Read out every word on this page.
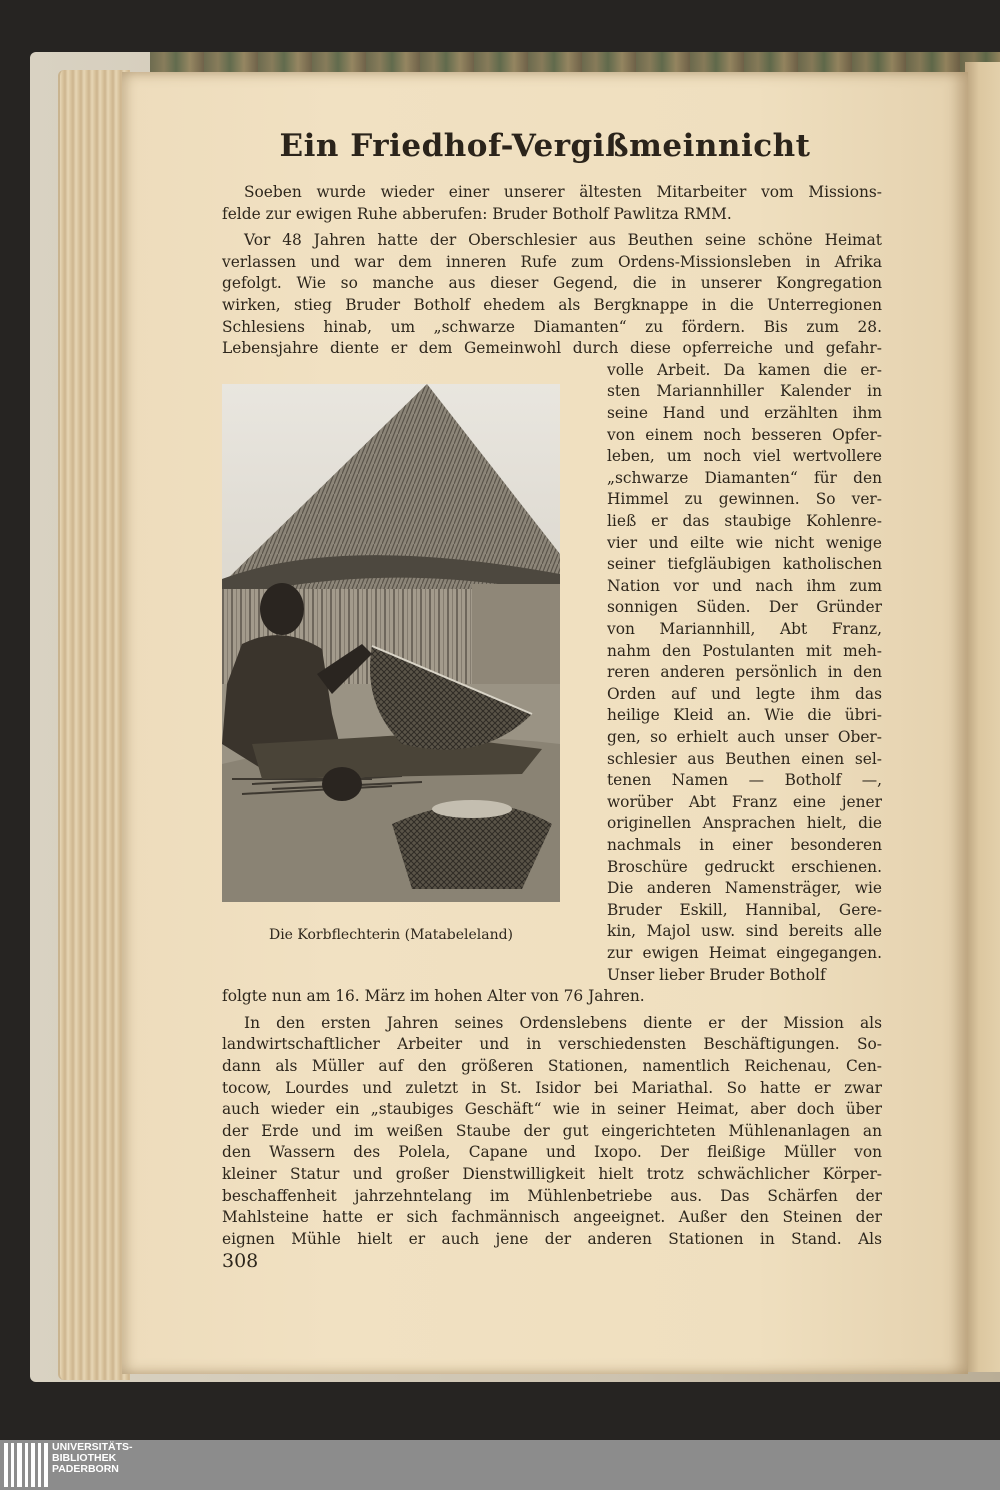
Ein Friedhof-Vergißmeinnicht
Soeben wurde wieder einer unserer ältesten Mitarbeiter vom Missions-
felde zur ewigen Ruhe abberufen: Bruder Botholf Pawlitza RMM.
Vor 48 Jahren hatte der Oberschlesier aus Beuthen seine schöne Heimat
verlassen und war dem inneren Rufe zum Ordens-Missionsleben in Afrika
gefolgt. Wie so manche aus dieser Gegend, die in unserer Kongregation
wirken, stieg Bruder Botholf ehedem als Bergknappe in die Unterregionen
Schlesiens hinab, um „schwarze Diamanten“ zu fördern. Bis zum 28.
Lebensjahre diente er dem Gemeinwohl durch diese opferreiche und gefahr-
volle Arbeit. Da kamen die er-
sten Mariannhiller Kalender in
seine Hand und erzählten ihm
von einem noch besseren Opfer-
leben, um noch viel wertvollere
„schwarze Diamanten“ für den
Himmel zu gewinnen. So ver-
ließ er das staubige Kohlenre-
vier und eilte wie nicht wenige
seiner tiefgläubigen katholischen
Nation vor und nach ihm zum
sonnigen Süden. Der Gründer
von Mariannhill, Abt Franz,
nahm den Postulanten mit meh-
reren anderen persönlich in den
Orden auf und legte ihm das
heilige Kleid an. Wie die übri-
gen, so erhielt auch unser Ober-
schlesier aus Beuthen einen sel-
tenen Namen — Botholf —,
worüber Abt Franz eine jener
originellen Ansprachen hielt, die
nachmals in einer besonderen
Broschüre gedruckt erschienen.
Die anderen Namensträger, wie
Bruder Eskill, Hannibal, Gere-
kin, Majol usw. sind bereits alle
zur ewigen Heimat eingegangen.
Unser lieber Bruder Botholf
folgte nun am 16. März im hohen Alter von 76 Jahren.
In den ersten Jahren seines Ordenslebens diente er der Mission als
landwirtschaftlicher Arbeiter und in verschiedensten Beschäftigungen. So-
dann als Müller auf den größeren Stationen, namentlich Reichenau, Cen-
tocow, Lourdes und zuletzt in St. Isidor bei Mariathal. So hatte er zwar
auch wieder ein „staubiges Geschäft“ wie in seiner Heimat, aber doch über
der Erde und im weißen Staube der gut eingerichteten Mühlenanlagen an
den Wassern des Polela, Capane und Ixopo. Der fleißige Müller von
kleiner Statur und großer Dienstwilligkeit hielt trotz schwächlicher Körper-
beschaffenheit jahrzehntelang im Mühlenbetriebe aus. Das Schärfen der
Mahlsteine hatte er sich fachmännisch angeeignet. Außer den Steinen der
eignen Mühle hielt er auch jene der anderen Stationen in Stand. Als
Die Korbflechterin (Matabeleland)
308
UNIVERSITÄTS-
BIBLIOTHEK
PADERBORN
